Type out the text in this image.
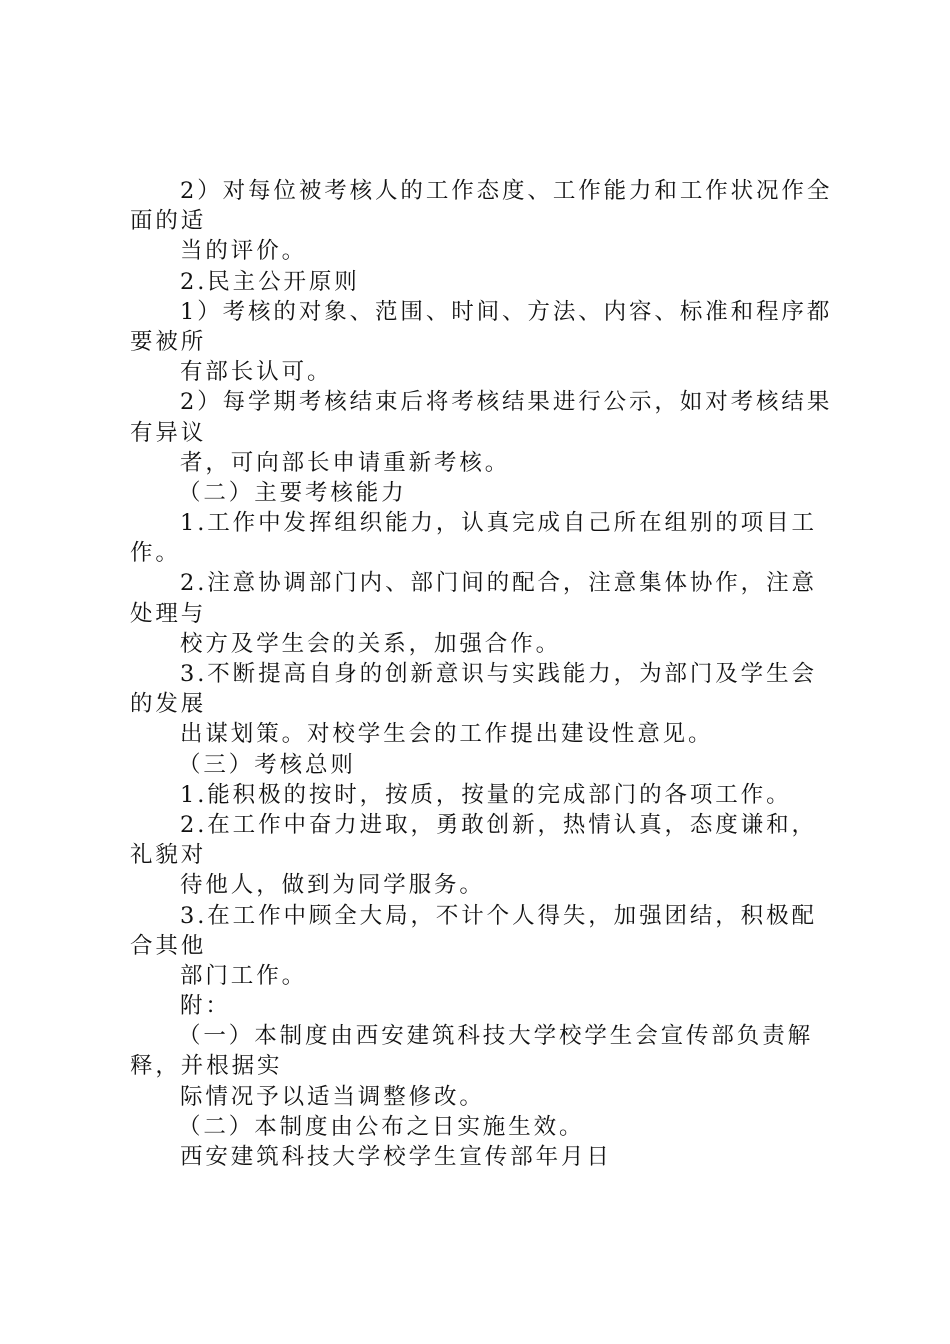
2）对每位被考核人的工作态度、工作能力和工作状况作全
面的适
当的评价。
2.民主公开原则
1）考核的对象、范围、时间、方法、内容、标准和程序都
要被所
有部长认可。
2）每学期考核结束后将考核结果进行公示，如对考核结果
有异议
者，可向部长申请重新考核。
（二）主要考核能力
1.工作中发挥组织能力，认真完成自己所在组别的项目工
作。
2.注意协调部门内、部门间的配合，注意集体协作，注意
处理与
校方及学生会的关系，加强合作。
3.不断提高自身的创新意识与实践能力，为部门及学生会
的发展
出谋划策。对校学生会的工作提出建设性意见。
（三）考核总则
1.能积极的按时，按质，按量的完成部门的各项工作。
2.在工作中奋力进取，勇敢创新，热情认真，态度谦和，
礼貌对
待他人，做到为同学服务。
3.在工作中顾全大局，不计个人得失，加强团结，积极配
合其他
部门工作。
附：
（一）本制度由西安建筑科技大学校学生会宣传部负责解
释，并根据实
际情况予以适当调整修改。
（二）本制度由公布之日实施生效。
西安建筑科技大学校学生宣传部年月日
